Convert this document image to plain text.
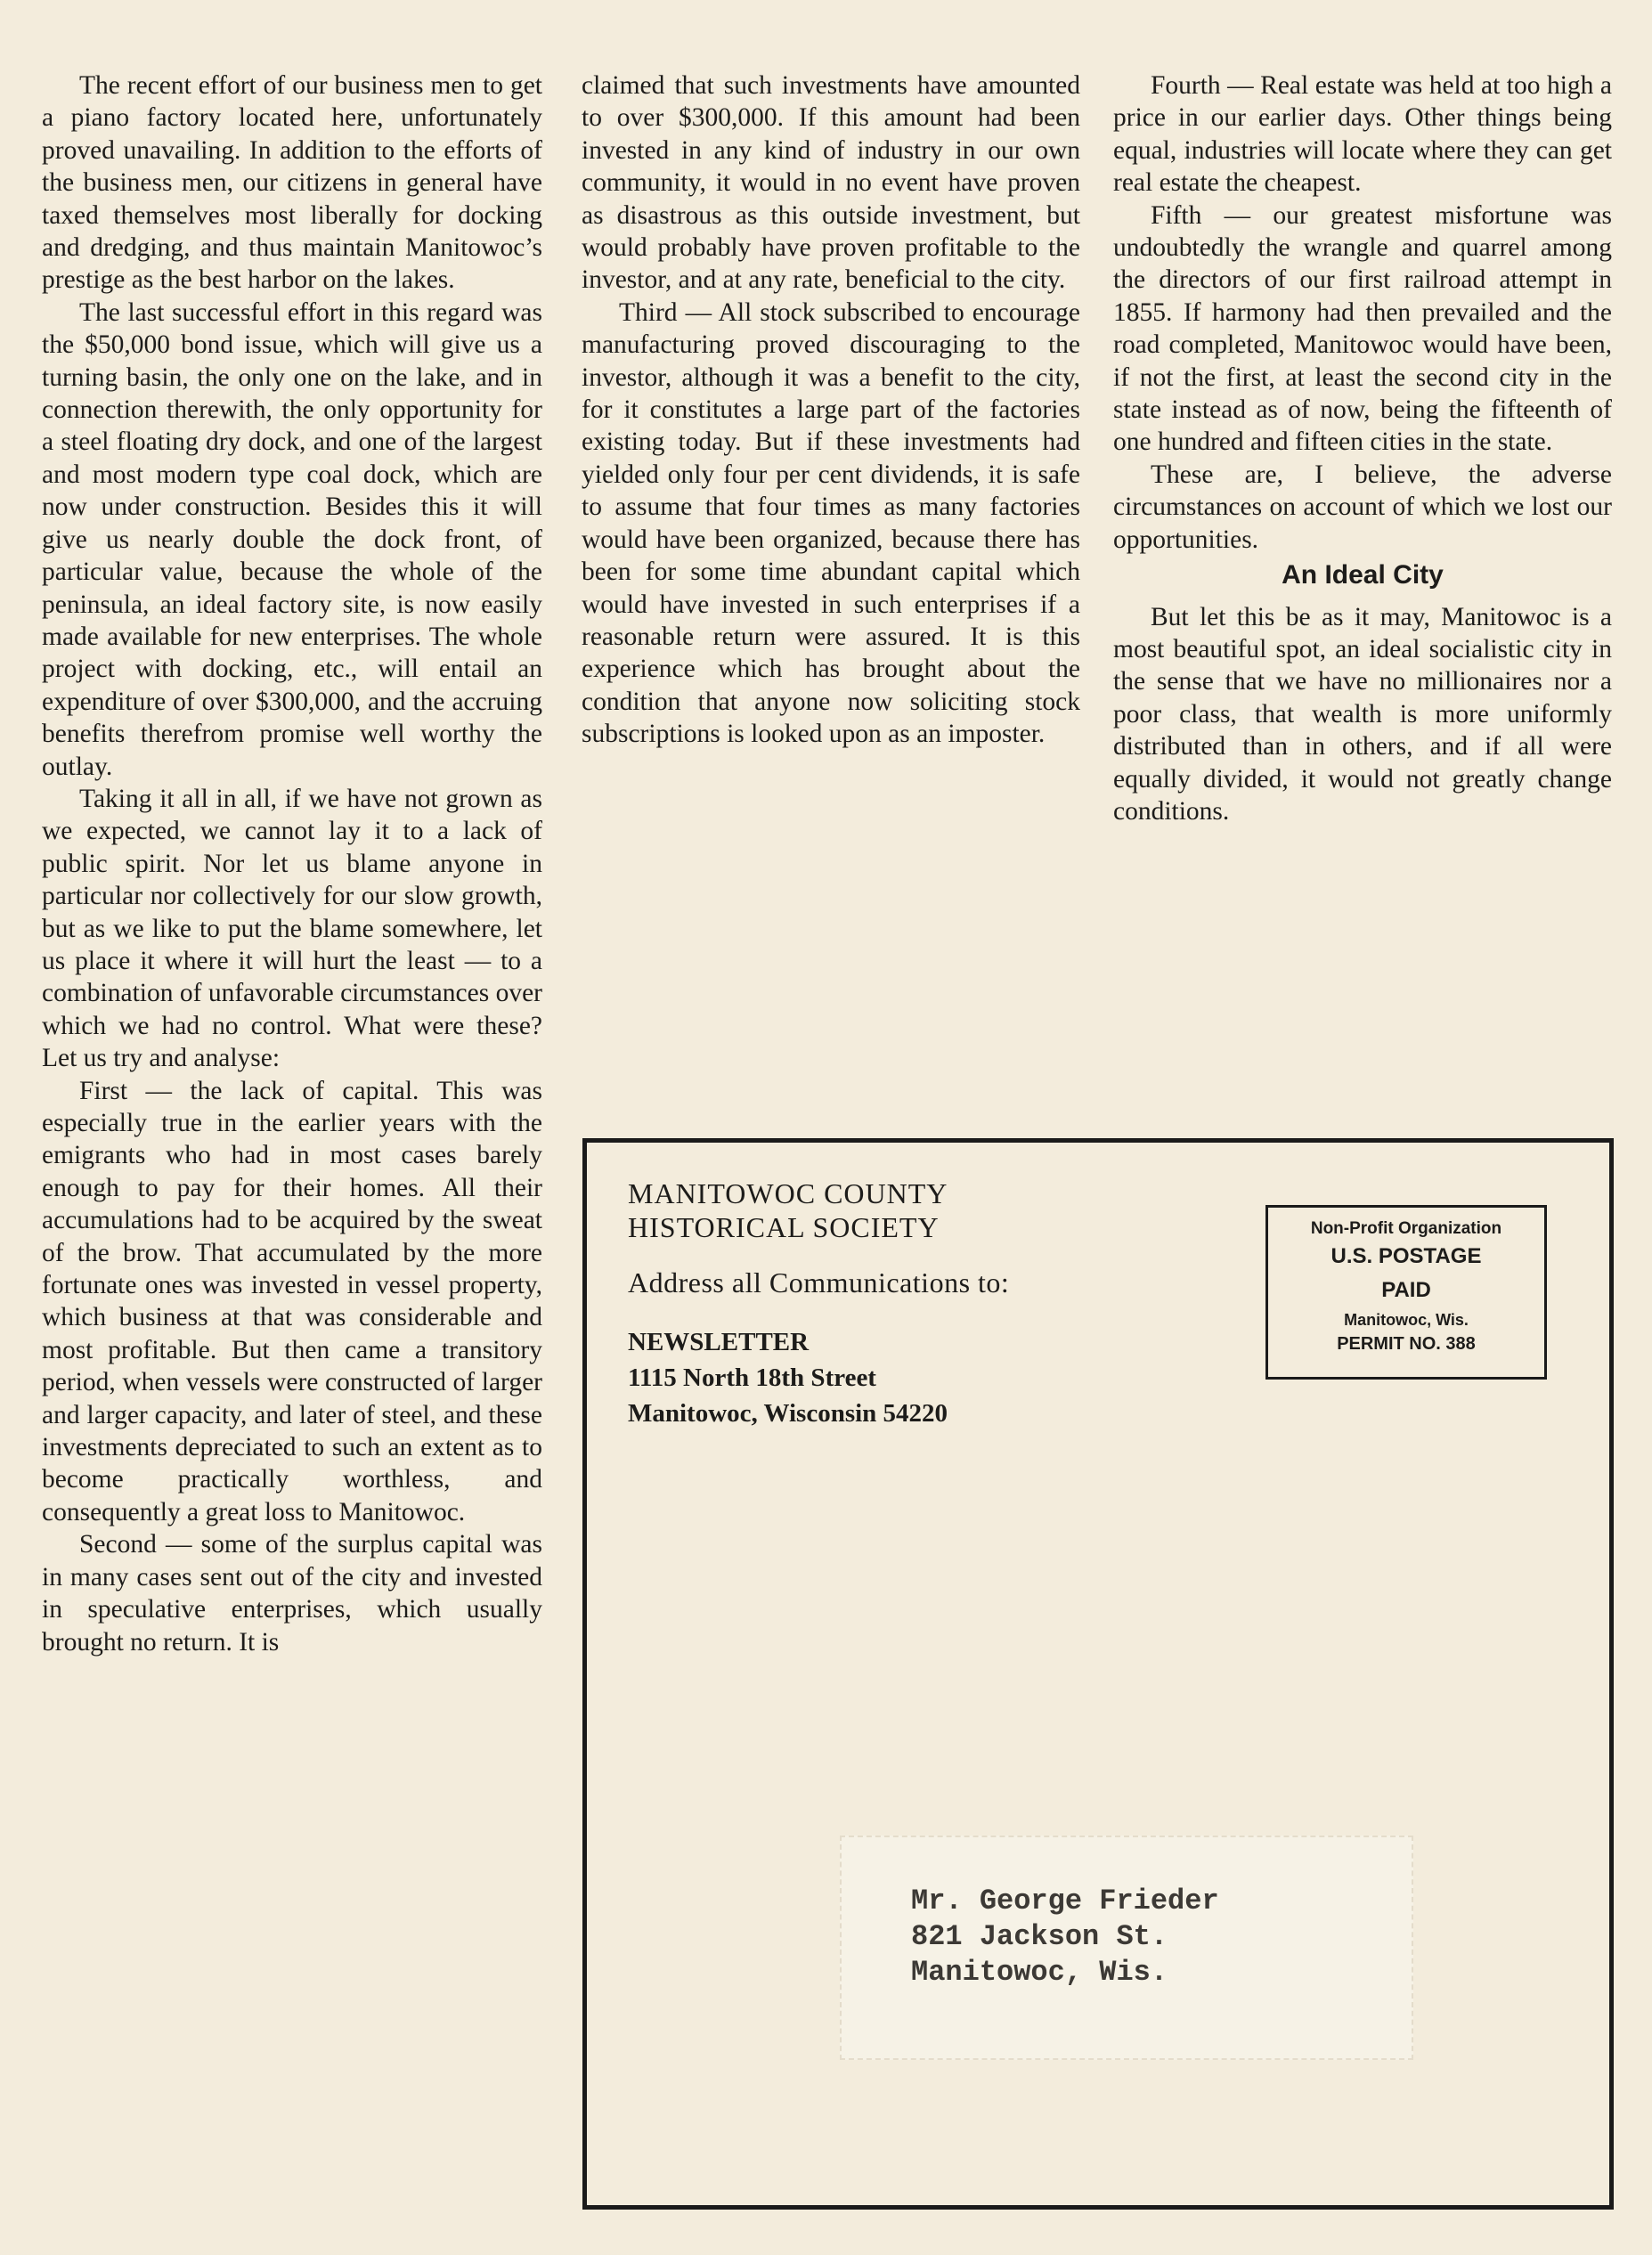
The recent effort of our business men to get a piano factory located here, unfortunately proved unavailing. In addition to the efforts of the business men, our citizens in general have taxed themselves most liberally for docking and dredging, and thus maintain Manitowoc’s prestige as the best harbor on the lakes.

The last successful effort in this regard was the $50,000 bond issue, which will give us a turning basin, the only one on the lake, and in connection therewith, the only opportunity for a steel floating dry dock, and one of the largest and most modern type coal dock, which are now under construction. Besides this it will give us nearly double the dock front, of particular value, because the whole of the peninsula, an ideal factory site, is now easily made available for new enterprises. The whole project with docking, etc., will entail an expenditure of over $300,000, and the accruing benefits therefrom promise well worthy the outlay.

Taking it all in all, if we have not grown as we expected, we cannot lay it to a lack of public spirit. Nor let us blame anyone in particular nor collectively for our slow growth, but as we like to put the blame somewhere, let us place it where it will hurt the least — to a combination of unfavorable circumstances over which we had no control. What were these? Let us try and analyse:

First — the lack of capital. This was especially true in the earlier years with the emigrants who had in most cases barely enough to pay for their homes. All their accumulations had to be acquired by the sweat of the brow. That accumulated by the more fortunate ones was invested in vessel property, which business at that was considerable and most profitable. But then came a transitory period, when vessels were constructed of larger and larger capacity, and later of steel, and these investments depreciated to such an extent as to become practically worthless, and consequently a great loss to Manitowoc.

Second — some of the surplus capital was in many cases sent out of the city and invested in speculative enterprises, which usually brought no return. It is

claimed that such investments have amounted to over $300,000. If this amount had been invested in any kind of industry in our own community, it would in no event have proven as disastrous as this outside investment, but would probably have proven profitable to the investor, and at any rate, beneficial to the city.

Third — All stock subscribed to encourage manufacturing proved discouraging to the investor, although it was a benefit to the city, for it constitutes a large part of the factories existing today. But if these investments had yielded only four per cent dividends, it is safe to assume that four times as many factories would have been organized, because there has been for some time abundant capital which would have invested in such enterprises if a reasonable return were assured. It is this experience which has brought about the condition that anyone now soliciting stock subscriptions is looked upon as an imposter.

Fourth — Real estate was held at too high a price in our earlier days. Other things being equal, industries will locate where they can get real estate the cheapest.

Fifth — our greatest misfortune was undoubtedly the wrangle and quarrel among the directors of our first railroad attempt in 1855. If harmony had then prevailed and the road completed, Manitowoc would have been, if not the first, at least the second city in the state instead as of now, being the fifteenth of one hundred and fifteen cities in the state.

These are, I believe, the adverse circumstances on account of which we lost our opportunities.

An Ideal City

But let this be as it may, Manitowoc is a most beautiful spot, an ideal socialistic city in the sense that we have no millionaires nor a poor class, that wealth is more uniformly distributed than in others, and if all were equally divided, it would not greatly change conditions.

MANITOWOC COUNTY
HISTORICAL SOCIETY
Address all Communications to:
NEWSLETTER
1115 North 18th Street
Manitowoc, Wisconsin 54220
Non-Profit Organization
U.S. POSTAGE
PAID
Manitowoc, Wis.
PERMIT NO. 388
Mr. George Frieder
821 Jackson St.
Manitowoc, Wis.
